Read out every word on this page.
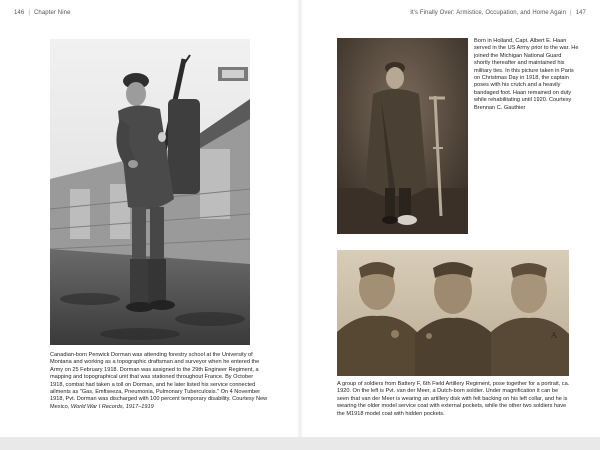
146 | Chapter Nine

Canadian-born Penwick Dorman was attending forestry school at the University of Montana and working as a topographic draftsman and surveyor when he entered the Army on 25 February 1918. Dorman was assigned to the 29th Engineer Regiment, a mapping and topographical unit that was stationed throughout France. By October 1918, combat had taken a toll on Dorman, and he later listed his service connected ailments as "Gas, Emfiseeza, Pneumonia, Pulmonary Tuberculosis." On 4 November 1918, Pvt. Dorman was discharged with 100 percent temporary disability. Courtesy New Mexico, World War I Records, 1917–1919

It's Finally Over: Armistice, Occupation, and Home Again | 147

Born in Holland, Capt. Albert E. Haan served in the US Army prior to the war. He joined the Michigan National Guard shortly thereafter and maintained his military ties. In this picture taken in Paris on Christmas Day in 1918, the captain poses with his crutch and a heavily bandaged foot. Haan remained on duty while rehabilitating until 1920. Courtesy Brennan C. Gauthier

A

A group of soldiers from Battery F, 6th Field Artillery Regiment, pose together for a portrait, ca. 1920. On the left is Pvt. van der Meer, a Dutch-born soldier. Under magnification it can be seen that van der Meer is wearing an artillery disk with felt backing on his left collar, and he is wearing the older model service coat with external pockets, while the other two soldiers have the M1918 model coat with hidden pockets.
